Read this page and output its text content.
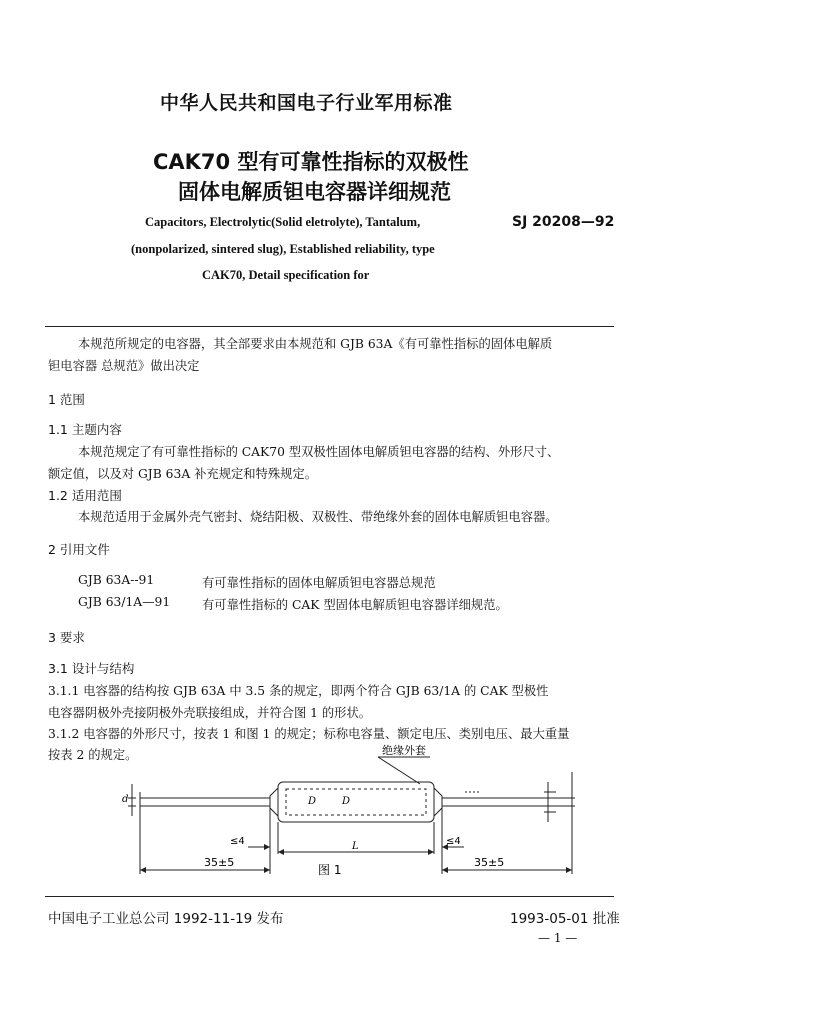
中华人民共和国电子行业军用标准
CAK70 型有可靠性指标的双极性
固体电解质钽电容器详细规范
Capacitors, Electrolytic(Solid eletrolyte), Tantalum,
(nonpolarized, sintered slug), Established reliability, type
CAK70, Detail specification for
SJ 20208—92
本规范所规定的电容器，其全部要求由本规范和 GJB 63A《有可靠性指标的固体电解质
钽电容器 总规范》做出决定
1 范围
1.1 主题内容
本规范规定了有可靠性指标的 CAK70 型双极性固体电解质钽电容器的结构、外形尺寸、
额定值，以及对 GJB 63A 补充规定和特殊规定。
1.2 适用范围
本规范适用于金属外壳气密封、烧结阳极、双极性、带绝缘外套的固体电解质钽电容器。
2 引用文件
GJB 63A--91	有可靠性指标的固体电解质钽电容器总规范
GJB 63/1A—91	有可靠性指标的 CAK 型固体电解质钽电容器详细规范。
3 要求
3.1 设计与结构
3.1.1 电容器的结构按 GJB 63A 中 3.5 条的规定，即两个符合 GJB 63/1A 的 CAK 型极性
电容器阴极外壳接阴极外壳联接组成，并符合图 1 的形状。
3.1.2 电容器的外形尺寸，按表 1 和图 1 的规定；标称电容量、额定电压、类别电压、最大重量
按表 2 的规定。	绝缘外套
d	D	D
L
≤4	≤4
35±5	35±5
图 1
中国电子工业总公司 1992-11-19 发布	1993-05-01 批准
— 1 —
